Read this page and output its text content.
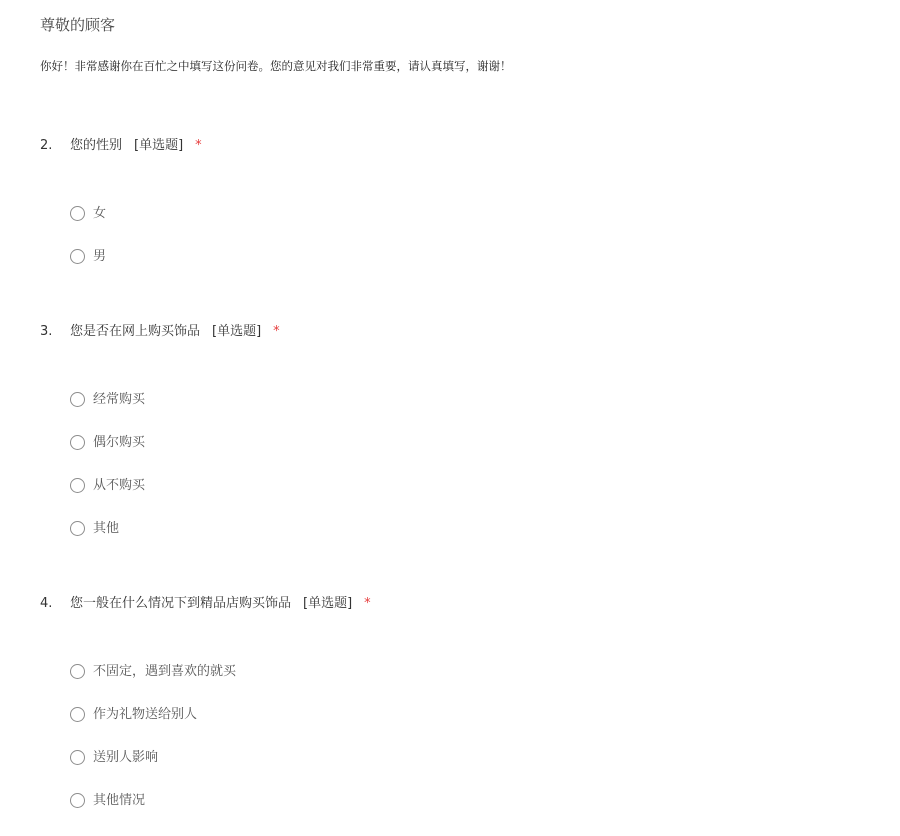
尊敬的顾客

你好！非常感谢你在百忙之中填写这份问卷。您的意见对我们非常重要，请认真填写，谢谢！

2. 您的性别 [单选题] *
女
男
3. 您是否在网上购买饰品 [单选题] *
经常购买
偶尔购买
从不购买
其他
4. 您一般在什么情况下到精品店购买饰品 [单选题] *
不固定，遇到喜欢的就买
作为礼物送给别人
送别人影响
其他情况
